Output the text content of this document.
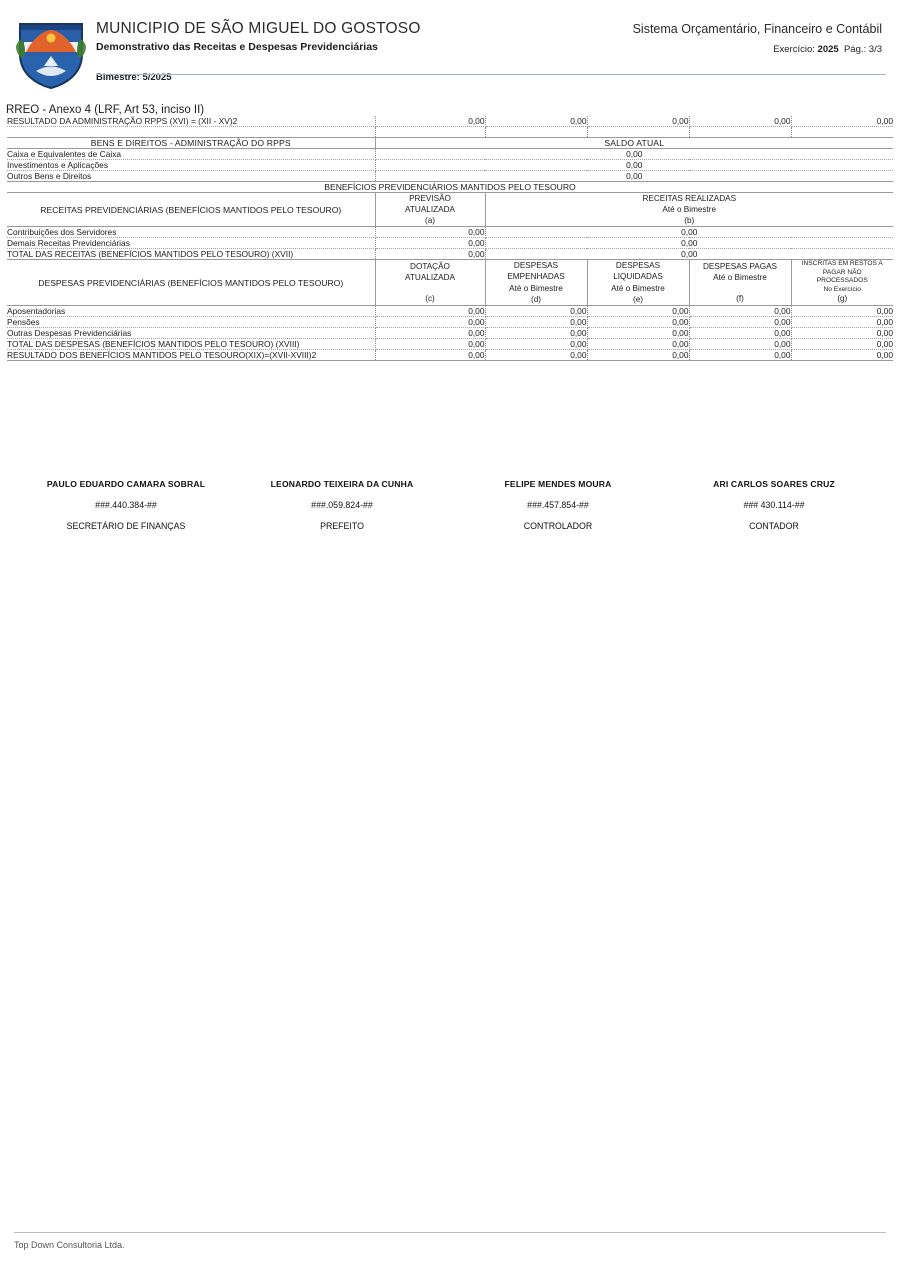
MUNICIPIO DE SÃO MIGUEL DO GOSTOSO
Demonstrativo das Receitas e Despesas Previdenciárias
Bimestre: 5/2025
Sistema Orçamentário, Financeiro e Contábil
Exercício: 2025 Pág.: 3/3
RREO - Anexo 4 (LRF, Art 53, inciso II)
RESULTADO DA ADMINISTRAÇÃO RPPS (XVI) = (XII - XV)2	0,00	0,00	0,00	0,00	0,00

BENS E DIREITOS - ADMINISTRAÇÃO DO RPPS	SALDO ATUAL				
Caixa e Equivalentes de Caixa	0,00				
Investimentos e Aplicações	0,00				
Outros Bens e Direitos	0,00				
BENEFÍCIOS PREVIDENCIÁRIOS MANTIDOS PELO TESOURO					
RECEITAS PREVIDENCIÁRIAS (BENEFÍCIOS MANTIDOS PELO TESOURO)	
PREVISÃO
ATUALIZADA
(a)

RECEITAS REALIZADAS
Até o Bimestre
(b)

Contribuições dos Servidores	0,00	0,00			
Demais Receitas Previdenciárias	0,00	0,00			
TOTAL DAS RECEITAS (BENEFÍCIOS MANTIDOS PELO TESOURO) (XVII)	0,00	0,00			
DESPESAS PREVIDENCIÁRIAS (BENEFÍCIOS MANTIDOS PELO TESOURO)	
DOTAÇÃO
ATUALIZADA
(c)

DESPESAS
EMPENHADAS
Até o Bimestre
(d)

DESPESAS
LIQUIDADAS
Até o Bimestre
(e)

DESPESAS PAGAS
Até o Bimestre
(f)

INSCRITAS EM RESTOS A
PAGAR NÃO
PROCESSADOS
No Exercício
(g)

Aposentadorias	0,00	0,00	0,00	0,00	0,00
Pensões	0,00	0,00	0,00	0,00	0,00
Outras Despesas Previdenciárias	0,00	0,00	0,00	0,00	0,00
TOTAL DAS DESPESAS (BENEFÍCIOS MANTIDOS PELO TESOURO) (XVIII)	0,00	0,00	0,00	0,00	0,00
RESULTADO DOS BENEFÍCIOS MANTIDOS PELO TESOURO(XIX)=(XVII-XVIII)2	0,00	0,00	0,00	0,00	0,00
PAULO EDUARDO CAMARA SOBRAL
###.440.384-##
SECRETÁRIO DE FINANÇAS
LEONARDO TEIXEIRA DA CUNHA
###.059.824-##
PREFEITO
FELIPE MENDES MOURA
###.457.854-##
CONTROLADOR
ARI CARLOS SOARES CRUZ
### 430.114-##
CONTADOR
Top Down Consultoria Ltda.
